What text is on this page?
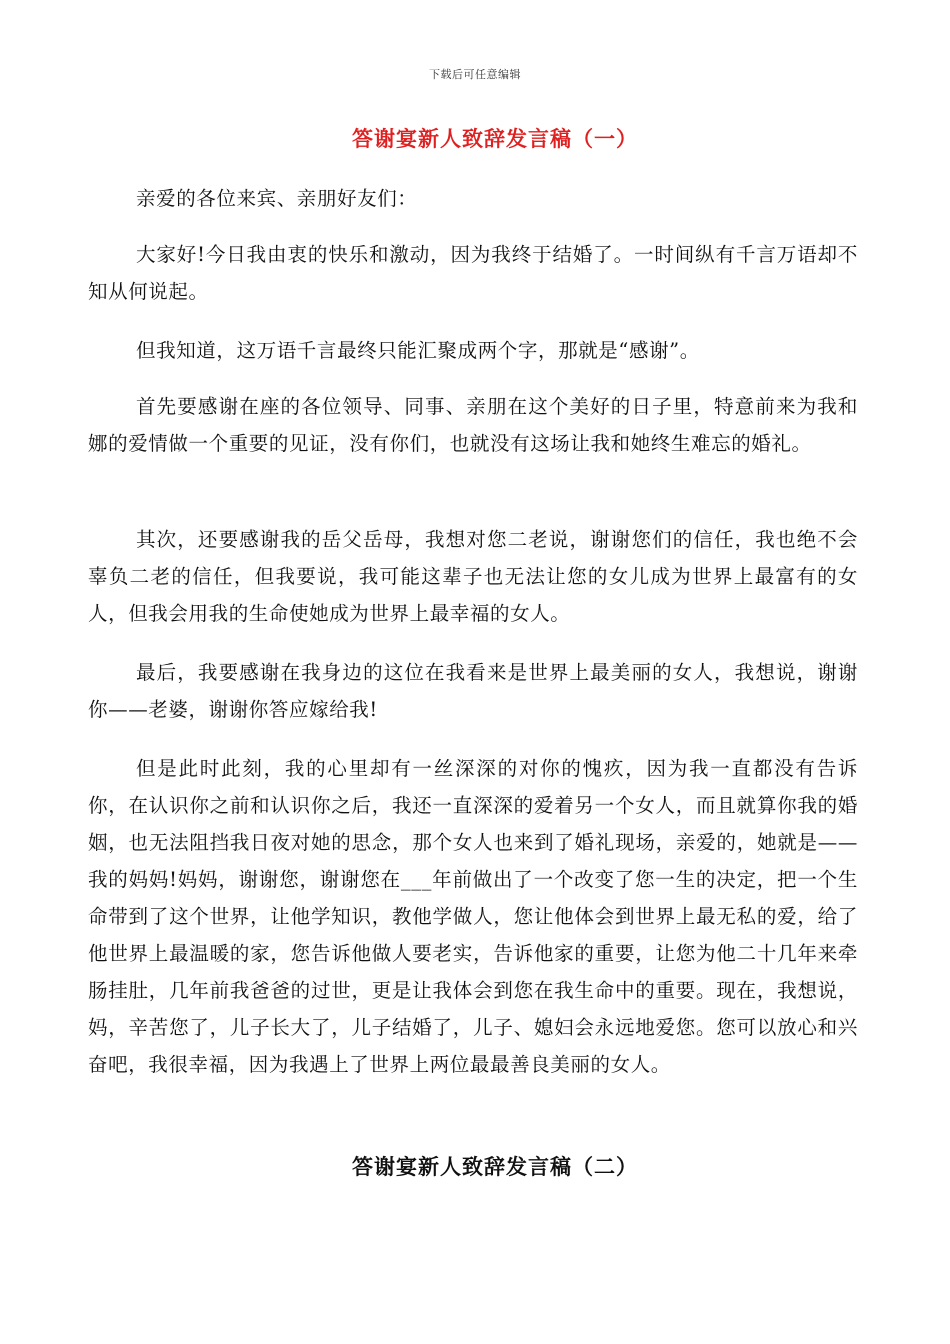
下载后可任意编辑
答谢宴新人致辞发言稿（一）

亲爱的各位来宾、亲朋好友们：

大家好!今日我由衷的快乐和激动，因为我终于结婚了。一时间纵有千言万语却不知从何说起。

但我知道，这万语千言最终只能汇聚成两个字，那就是“感谢”。

首先要感谢在座的各位领导、同事、亲朋在这个美好的日子里，特意前来为我和娜的爱情做一个重要的见证，没有你们，也就没有这场让我和她终生难忘的婚礼。

其次，还要感谢我的岳父岳母，我想对您二老说，谢谢您们的信任，我也绝不会辜负二老的信任，但我要说，我可能这辈子也无法让您的女儿成为世界上最富有的女人，但我会用我的生命使她成为世界上最幸福的女人。

最后，我要感谢在我身边的这位在我看来是世界上最美丽的女人，我想说，谢谢你——老婆，谢谢你答应嫁给我!

但是此时此刻，我的心里却有一丝深深的对你的愧疚，因为我一直都没有告诉你，在认识你之前和认识你之后，我还一直深深的爱着另一个女人，而且就算你我的婚姻，也无法阻挡我日夜对她的思念，那个女人也来到了婚礼现场，亲爱的，她就是——我的妈妈!妈妈，谢谢您，谢谢您在___年前做出了一个改变了您一生的决定，把一个生命带到了这个世界，让他学知识，教他学做人，您让他体会到世界上最无私的爱，给了他世界上最温暖的家，您告诉他做人要老实，告诉他家的重要，让您为他二十几年来牵肠挂肚，几年前我爸爸的过世，更是让我体会到您在我生命中的重要。现在，我想说，妈，辛苦您了，儿子长大了，儿子结婚了，儿子、媳妇会永远地爱您。您可以放心和兴奋吧，我很幸福，因为我遇上了世界上两位最最善良美丽的女人。

答谢宴新人致辞发言稿（二）
